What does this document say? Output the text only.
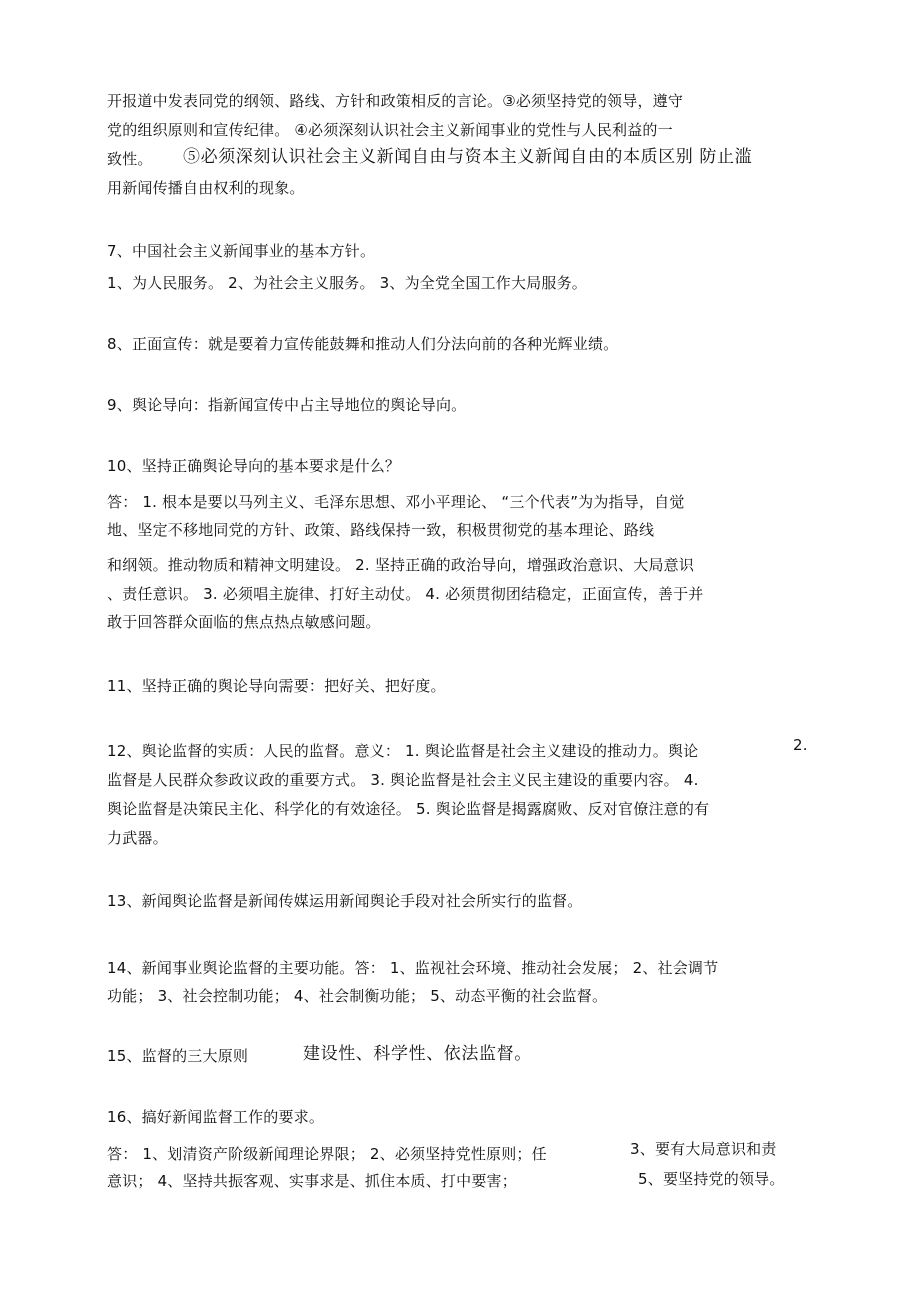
开报道中发表同党的纲领、路线、方针和政策相反的言论。③必须坚持党的领导，遵守
党的组织原则和宣传纪律。 ④必须深刻认识社会主义新闻事业的党性与人民利益的一
致性。 ⑤必须深刻认识社会主义新闻自由与资本主义新闻自由的本质区别 防止滥
用新闻传播自由权利的现象。
7、中国社会主义新闻事业的基本方针。
1、为人民服务。 2、为社会主义服务。 3、为全党全国工作大局服务。
8、正面宣传：就是要着力宣传能鼓舞和推动人们分法向前的各种光辉业绩。
9、舆论导向：指新闻宣传中占主导地位的舆论导向。
10、坚持正确舆论导向的基本要求是什么？
答： 1. 根本是要以马列主义、毛泽东思想、邓小平理论、 “三个代表”为为指导，自觉
地、坚定不移地同党的方针、政策、路线保持一致，积极贯彻党的基本理论、路线
和纲领。推动物质和精神文明建设。 2. 坚持正确的政治导向，增强政治意识、大局意识
、责任意识。 3. 必须唱主旋律、打好主动仗。 4. 必须贯彻团结稳定，正面宣传，善于并
敢于回答群众面临的焦点热点敏感问题。
11、坚持正确的舆论导向需要：把好关、把好度。
12、舆论监督的实质：人民的监督。意义： 1. 舆论监督是社会主义建设的推动力。舆论	2.
监督是人民群众参政议政的重要方式。 3. 舆论监督是社会主义民主建设的重要内容。 4.
舆论监督是决策民主化、科学化的有效途径。 5. 舆论监督是揭露腐败、反对官僚注意的有
力武器。
13、新闻舆论监督是新闻传媒运用新闻舆论手段对社会所实行的监督。
14、新闻事业舆论监督的主要功能。答： 1、监视社会环境、推动社会发展； 2、社会调节
功能； 3、社会控制功能； 4、社会制衡功能； 5、动态平衡的社会监督。
15、监督的三大原则	建设性、科学性、依法监督。
16、搞好新闻监督工作的要求。
答： 1、划清资产阶级新闻理论界限； 2、必须坚持党性原则；任	3、要有大局意识和责
意识； 4、坚持共振客观、实事求是、抓住本质、打中要害；	5、要坚持党的领导。
